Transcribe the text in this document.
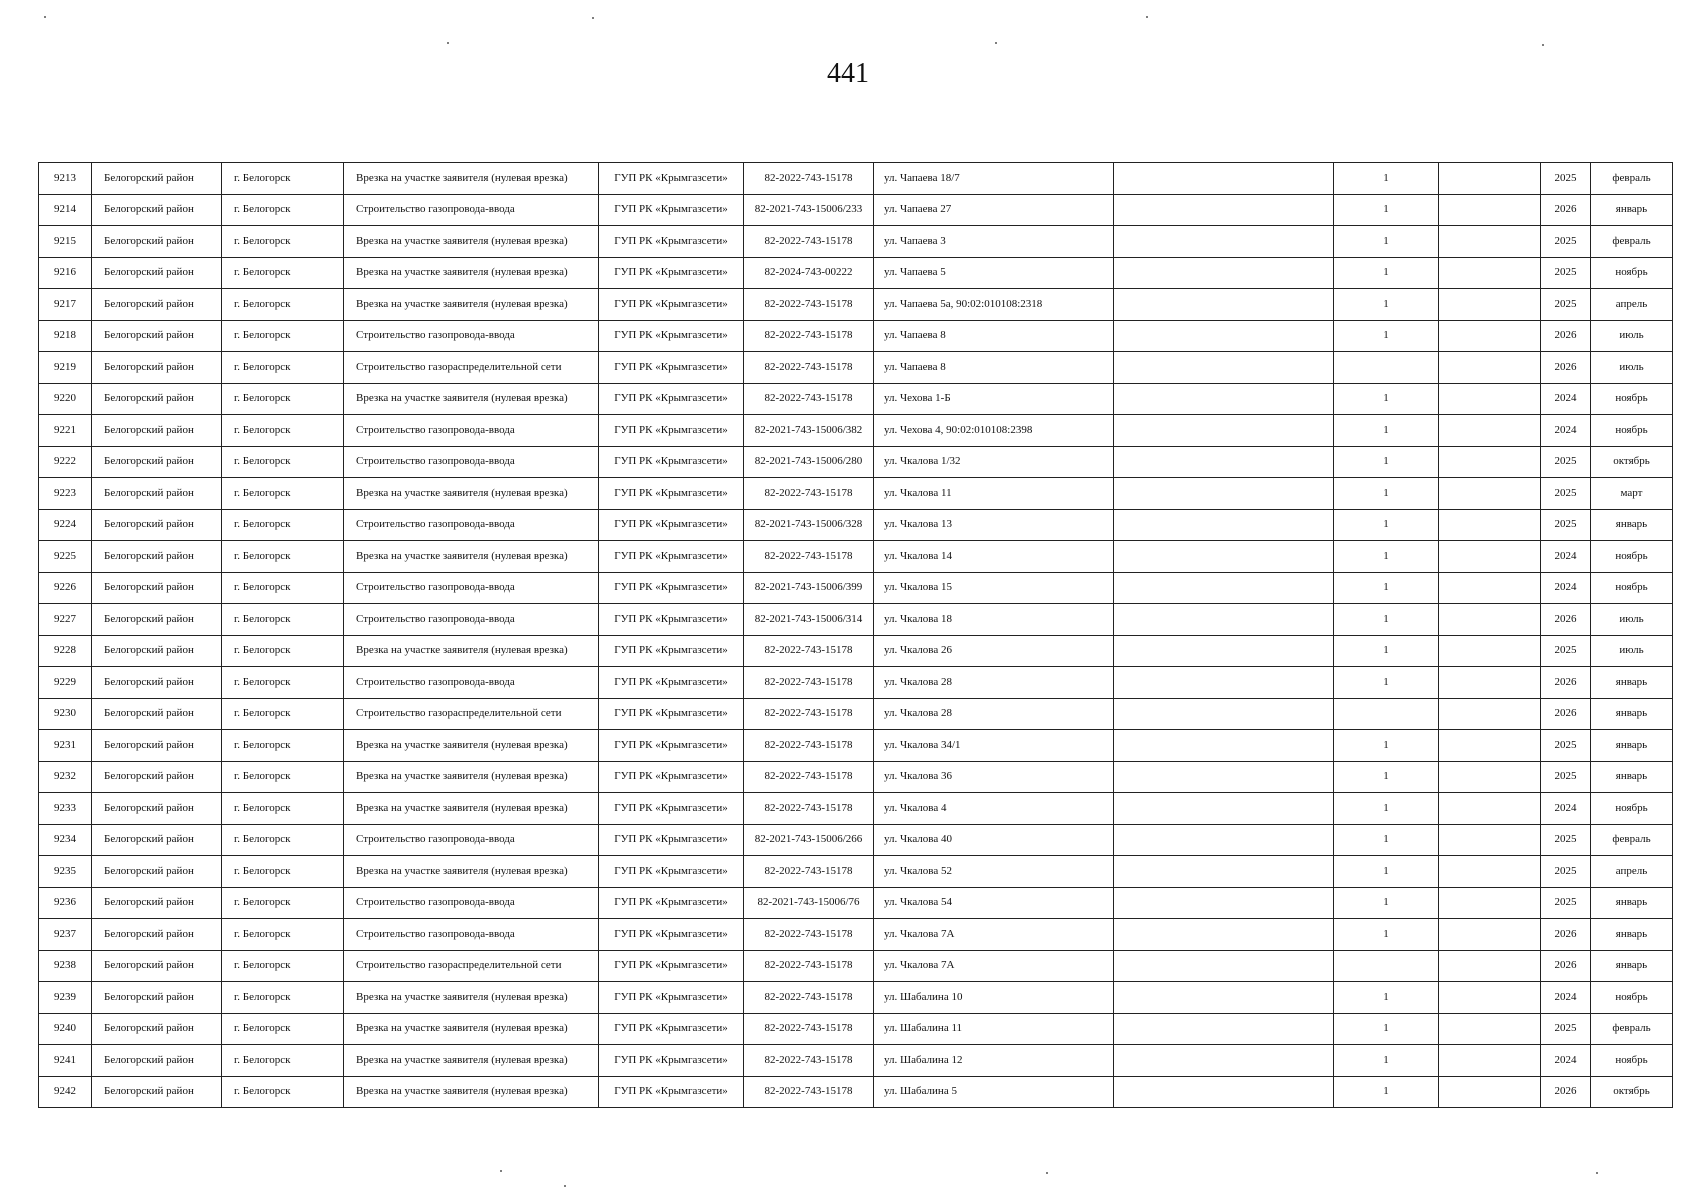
441
9213	Белогорский район	г. Белогорск	Врезка на участке заявителя (нулевая врезка)	ГУП РК «Крымгазсети»	82-2022-743-15178	ул. Чапаева 18/7		1		2025	февраль
9214	Белогорский район	г. Белогорск	Строительство газопровода-ввода	ГУП РК «Крымгазсети»	82-2021-743-15006/233	ул. Чапаева 27		1		2026	январь
9215	Белогорский район	г. Белогорск	Врезка на участке заявителя (нулевая врезка)	ГУП РК «Крымгазсети»	82-2022-743-15178	ул. Чапаева 3		1		2025	февраль
9216	Белогорский район	г. Белогорск	Врезка на участке заявителя (нулевая врезка)	ГУП РК «Крымгазсети»	82-2024-743-00222	ул. Чапаева 5		1		2025	ноябрь
9217	Белогорский район	г. Белогорск	Врезка на участке заявителя (нулевая врезка)	ГУП РК «Крымгазсети»	82-2022-743-15178	ул. Чапаева 5а, 90:02:010108:2318		1		2025	апрель
9218	Белогорский район	г. Белогорск	Строительство газопровода-ввода	ГУП РК «Крымгазсети»	82-2022-743-15178	ул. Чапаева 8		1		2026	июль
9219	Белогорский район	г. Белогорск	Строительство газораспределительной сети	ГУП РК «Крымгазсети»	82-2022-743-15178	ул. Чапаева 8				2026	июль
9220	Белогорский район	г. Белогорск	Врезка на участке заявителя (нулевая врезка)	ГУП РК «Крымгазсети»	82-2022-743-15178	ул. Чехова 1-Б		1		2024	ноябрь
9221	Белогорский район	г. Белогорск	Строительство газопровода-ввода	ГУП РК «Крымгазсети»	82-2021-743-15006/382	ул. Чехова 4, 90:02:010108:2398		1		2024	ноябрь
9222	Белогорский район	г. Белогорск	Строительство газопровода-ввода	ГУП РК «Крымгазсети»	82-2021-743-15006/280	ул. Чкалова 1/32		1		2025	октябрь
9223	Белогорский район	г. Белогорск	Врезка на участке заявителя (нулевая врезка)	ГУП РК «Крымгазсети»	82-2022-743-15178	ул. Чкалова 11		1		2025	март
9224	Белогорский район	г. Белогорск	Строительство газопровода-ввода	ГУП РК «Крымгазсети»	82-2021-743-15006/328	ул. Чкалова 13		1		2025	январь
9225	Белогорский район	г. Белогорск	Врезка на участке заявителя (нулевая врезка)	ГУП РК «Крымгазсети»	82-2022-743-15178	ул. Чкалова 14		1		2024	ноябрь
9226	Белогорский район	г. Белогорск	Строительство газопровода-ввода	ГУП РК «Крымгазсети»	82-2021-743-15006/399	ул. Чкалова 15		1		2024	ноябрь
9227	Белогорский район	г. Белогорск	Строительство газопровода-ввода	ГУП РК «Крымгазсети»	82-2021-743-15006/314	ул. Чкалова 18		1		2026	июль
9228	Белогорский район	г. Белогорск	Врезка на участке заявителя (нулевая врезка)	ГУП РК «Крымгазсети»	82-2022-743-15178	ул. Чкалова 26		1		2025	июль
9229	Белогорский район	г. Белогорск	Строительство газопровода-ввода	ГУП РК «Крымгазсети»	82-2022-743-15178	ул. Чкалова 28		1		2026	январь
9230	Белогорский район	г. Белогорск	Строительство газораспределительной сети	ГУП РК «Крымгазсети»	82-2022-743-15178	ул. Чкалова 28				2026	январь
9231	Белогорский район	г. Белогорск	Врезка на участке заявителя (нулевая врезка)	ГУП РК «Крымгазсети»	82-2022-743-15178	ул. Чкалова 34/1		1		2025	январь
9232	Белогорский район	г. Белогорск	Врезка на участке заявителя (нулевая врезка)	ГУП РК «Крымгазсети»	82-2022-743-15178	ул. Чкалова 36		1		2025	январь
9233	Белогорский район	г. Белогорск	Врезка на участке заявителя (нулевая врезка)	ГУП РК «Крымгазсети»	82-2022-743-15178	ул. Чкалова 4		1		2024	ноябрь
9234	Белогорский район	г. Белогорск	Строительство газопровода-ввода	ГУП РК «Крымгазсети»	82-2021-743-15006/266	ул. Чкалова 40		1		2025	февраль
9235	Белогорский район	г. Белогорск	Врезка на участке заявителя (нулевая врезка)	ГУП РК «Крымгазсети»	82-2022-743-15178	ул. Чкалова 52		1		2025	апрель
9236	Белогорский район	г. Белогорск	Строительство газопровода-ввода	ГУП РК «Крымгазсети»	82-2021-743-15006/76	ул. Чкалова 54		1		2025	январь
9237	Белогорский район	г. Белогорск	Строительство газопровода-ввода	ГУП РК «Крымгазсети»	82-2022-743-15178	ул. Чкалова 7А		1		2026	январь
9238	Белогорский район	г. Белогорск	Строительство газораспределительной сети	ГУП РК «Крымгазсети»	82-2022-743-15178	ул. Чкалова 7А				2026	январь
9239	Белогорский район	г. Белогорск	Врезка на участке заявителя (нулевая врезка)	ГУП РК «Крымгазсети»	82-2022-743-15178	ул. Шабалина 10		1		2024	ноябрь
9240	Белогорский район	г. Белогорск	Врезка на участке заявителя (нулевая врезка)	ГУП РК «Крымгазсети»	82-2022-743-15178	ул. Шабалина 11		1		2025	февраль
9241	Белогорский район	г. Белогорск	Врезка на участке заявителя (нулевая врезка)	ГУП РК «Крымгазсети»	82-2022-743-15178	ул. Шабалина 12		1		2024	ноябрь
9242	Белогорский район	г. Белогорск	Врезка на участке заявителя (нулевая врезка)	ГУП РК «Крымгазсети»	82-2022-743-15178	ул. Шабалина 5		1		2026	октябрь
